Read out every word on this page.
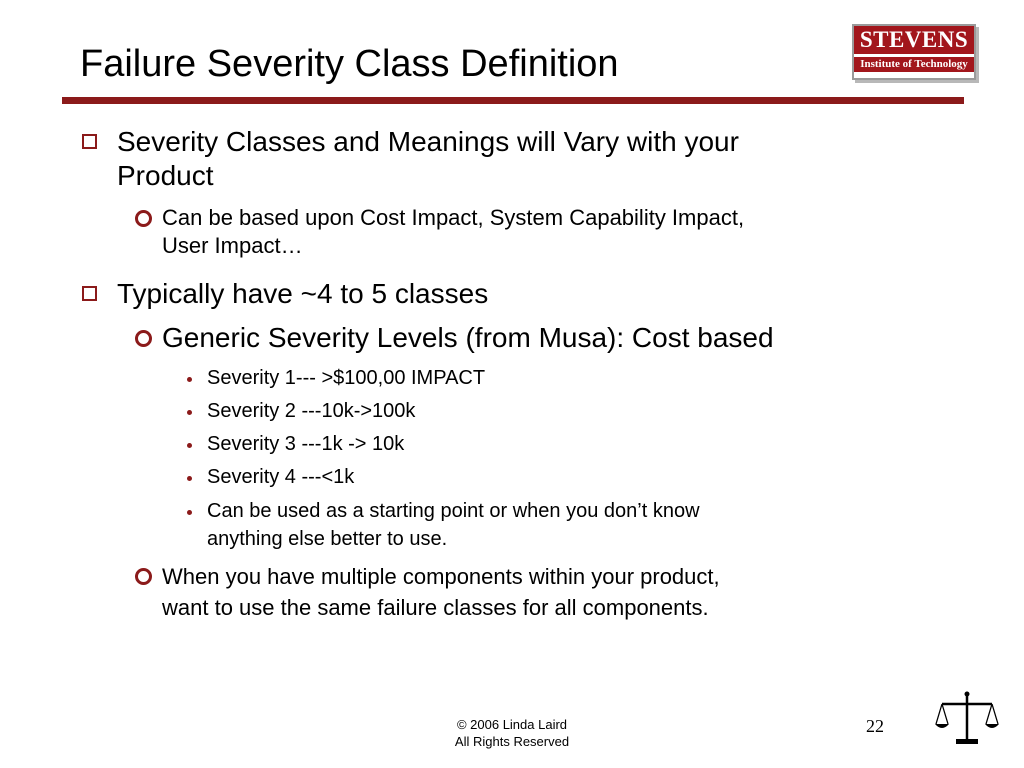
Failure Severity Class Definition
STEVENS
Institute of Technology
Severity Classes and Meanings will Vary with your
Product
Can be based upon Cost Impact, System Capability Impact,
User Impact…
Typically have ~4 to 5 classes
Generic Severity Levels (from Musa): Cost based
Severity 1--- >$100,00 IMPACT
Severity 2 ---10k->100k
Severity 3 ---1k -> 10k
Severity 4 ---<1k
Can be used as a starting point or when you don’t know
anything else better to use.
When you have multiple components within your product,
want to use the same failure classes for all components.
© 2006 Linda Laird
All Rights Reserved
22
